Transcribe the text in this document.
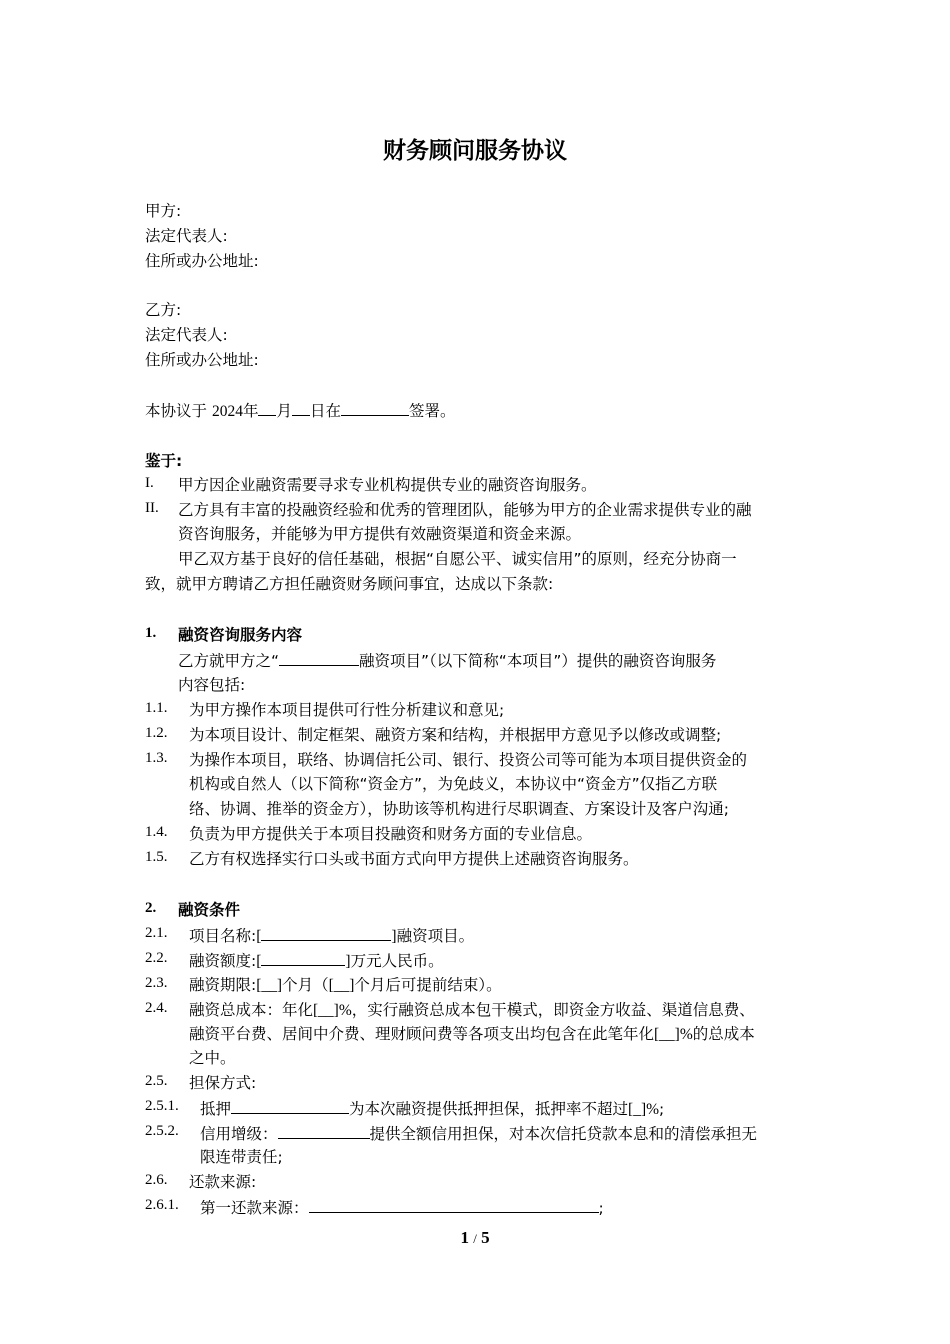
财务顾问服务协议
甲方:
法定代表人:
住所或办公地址:
乙方:
法定代表人:
住所或办公地址:
本协议于 2024年 月 日在	签署。
鉴于:
I. 甲方因企业融资需要寻求专业机构提供专业的融资咨询服务。
II. 乙方具有丰富的投融资经验和优秀的管理团队，能够为甲方的企业需求提供专业的融
资咨询服务，并能够为甲方提供有效融资渠道和资金来源。
甲乙双方基于良好的信任基础，根据“自愿公平、诚实信用”的原则，经充分协商一
致，就甲方聘请乙方担任融资财务顾问事宜，达成以下条款:
1. 融资咨询服务内容
乙方就甲方之“	融资项目”（以下简称“本项目”）提供的融资咨询服务
内容包括:
1.1. 为甲方操作本项目提供可行性分析建议和意见;
1.2. 为本项目设计、制定框架、融资方案和结构，并根据甲方意见予以修改或调整;
1.3. 为操作本项目，联络、协调信托公司、银行、投资公司等可能为本项目提供资金的
机构或自然人（以下简称“资金方”，为免歧义，本协议中“资金方”仅指乙方联
络、协调、推举的资金方），协助该等机构进行尽职调查、方案设计及客户沟通;
1.4. 负责为甲方提供关于本项目投融资和财务方面的专业信息。
1.5. 乙方有权选择实行口头或书面方式向甲方提供上述融资咨询服务。
2. 融资条件
2.1. 项目名称:[	]融资项目。
2.2. 融资额度:[	]万元人民币。
2.3. 融资期限:[__]个月（[__]个月后可提前结束）。
2.4. 融资总成本：年化[__]%，实行融资总成本包干模式，即资金方收益、渠道信息费、
融资平台费、居间中介费、理财顾问费等各项支出均包含在此笔年化[__]%的总成本
之中。
2.5. 担保方式:
2.5.1. 抵押	为本次融资提供抵押担保，抵押率不超过[_]%;
2.5.2. 信用增级：	提供全额信用担保，对本次信托贷款本息和的清偿承担无
限连带责任;
2.6. 还款来源:
2.6.1. 第一还款来源：	;
1 / 5
